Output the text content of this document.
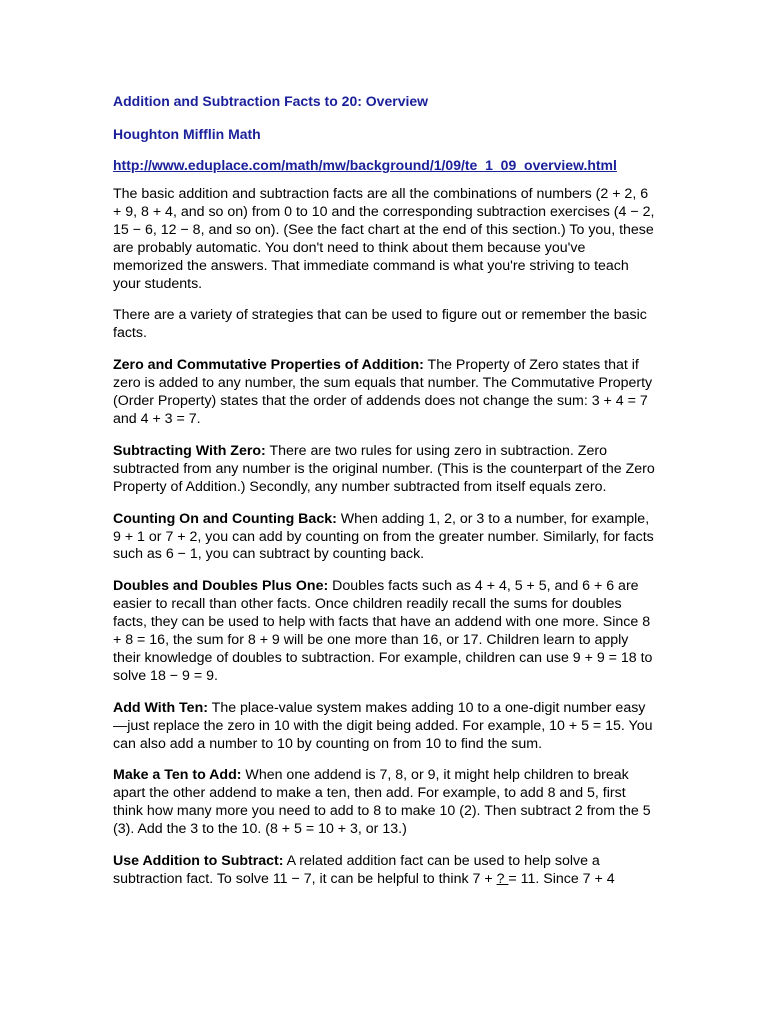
Addition and Subtraction Facts to 20: Overview
Houghton Mifflin Math
http://www.eduplace.com/math/mw/background/1/09/te_1_09_overview.html

The basic addition and subtraction facts are all the combinations of numbers (2 + 2, 6 + 9, 8 + 4, and so on) from 0 to 10 and the corresponding subtraction exercises (4 − 2, 15 − 6, 12 − 8, and so on). (See the fact chart at the end of this section.) To you, these are probably automatic. You don't need to think about them because you've memorized the answers. That immediate command is what you're striving to teach your students.

There are a variety of strategies that can be used to figure out or remember the basic facts.

Zero and Commutative Properties of Addition: The Property of Zero states that if zero is added to any number, the sum equals that number. The Commutative Property (Order Property) states that the order of addends does not change the sum: 3 + 4 = 7 and 4 + 3 = 7.

Subtracting With Zero: There are two rules for using zero in subtraction. Zero subtracted from any number is the original number. (This is the counterpart of the Zero Property of Addition.) Secondly, any number subtracted from itself equals zero.

Counting On and Counting Back: When adding 1, 2, or 3 to a number, for example, 9 + 1 or 7 + 2, you can add by counting on from the greater number. Similarly, for facts such as 6 − 1, you can subtract by counting back.

Doubles and Doubles Plus One: Doubles facts such as 4 + 4, 5 + 5, and 6 + 6 are easier to recall than other facts. Once children readily recall the sums for doubles facts, they can be used to help with facts that have an addend with one more. Since 8 + 8 = 16, the sum for 8 + 9 will be one more than 16, or 17. Children learn to apply their knowledge of doubles to subtraction. For example, children can use 9 + 9 = 18 to solve 18 − 9 = 9.

Add With Ten: The place-value system makes adding 10 to a one-digit number easy—just replace the zero in 10 with the digit being added. For example, 10 + 5 = 15. You can also add a number to 10 by counting on from 10 to find the sum.

Make a Ten to Add: When one addend is 7, 8, or 9, it might help children to break apart the other addend to make a ten, then add. For example, to add 8 and 5, first think how many more you need to add to 8 to make 10 (2). Then subtract 2 from the 5 (3). Add the 3 to the 10. (8 + 5 = 10 + 3, or 13.)

Use Addition to Subtract: A related addition fact can be used to help solve a subtraction fact. To solve 11 − 7, it can be helpful to think 7 + ? = 11. Since 7 + 4
